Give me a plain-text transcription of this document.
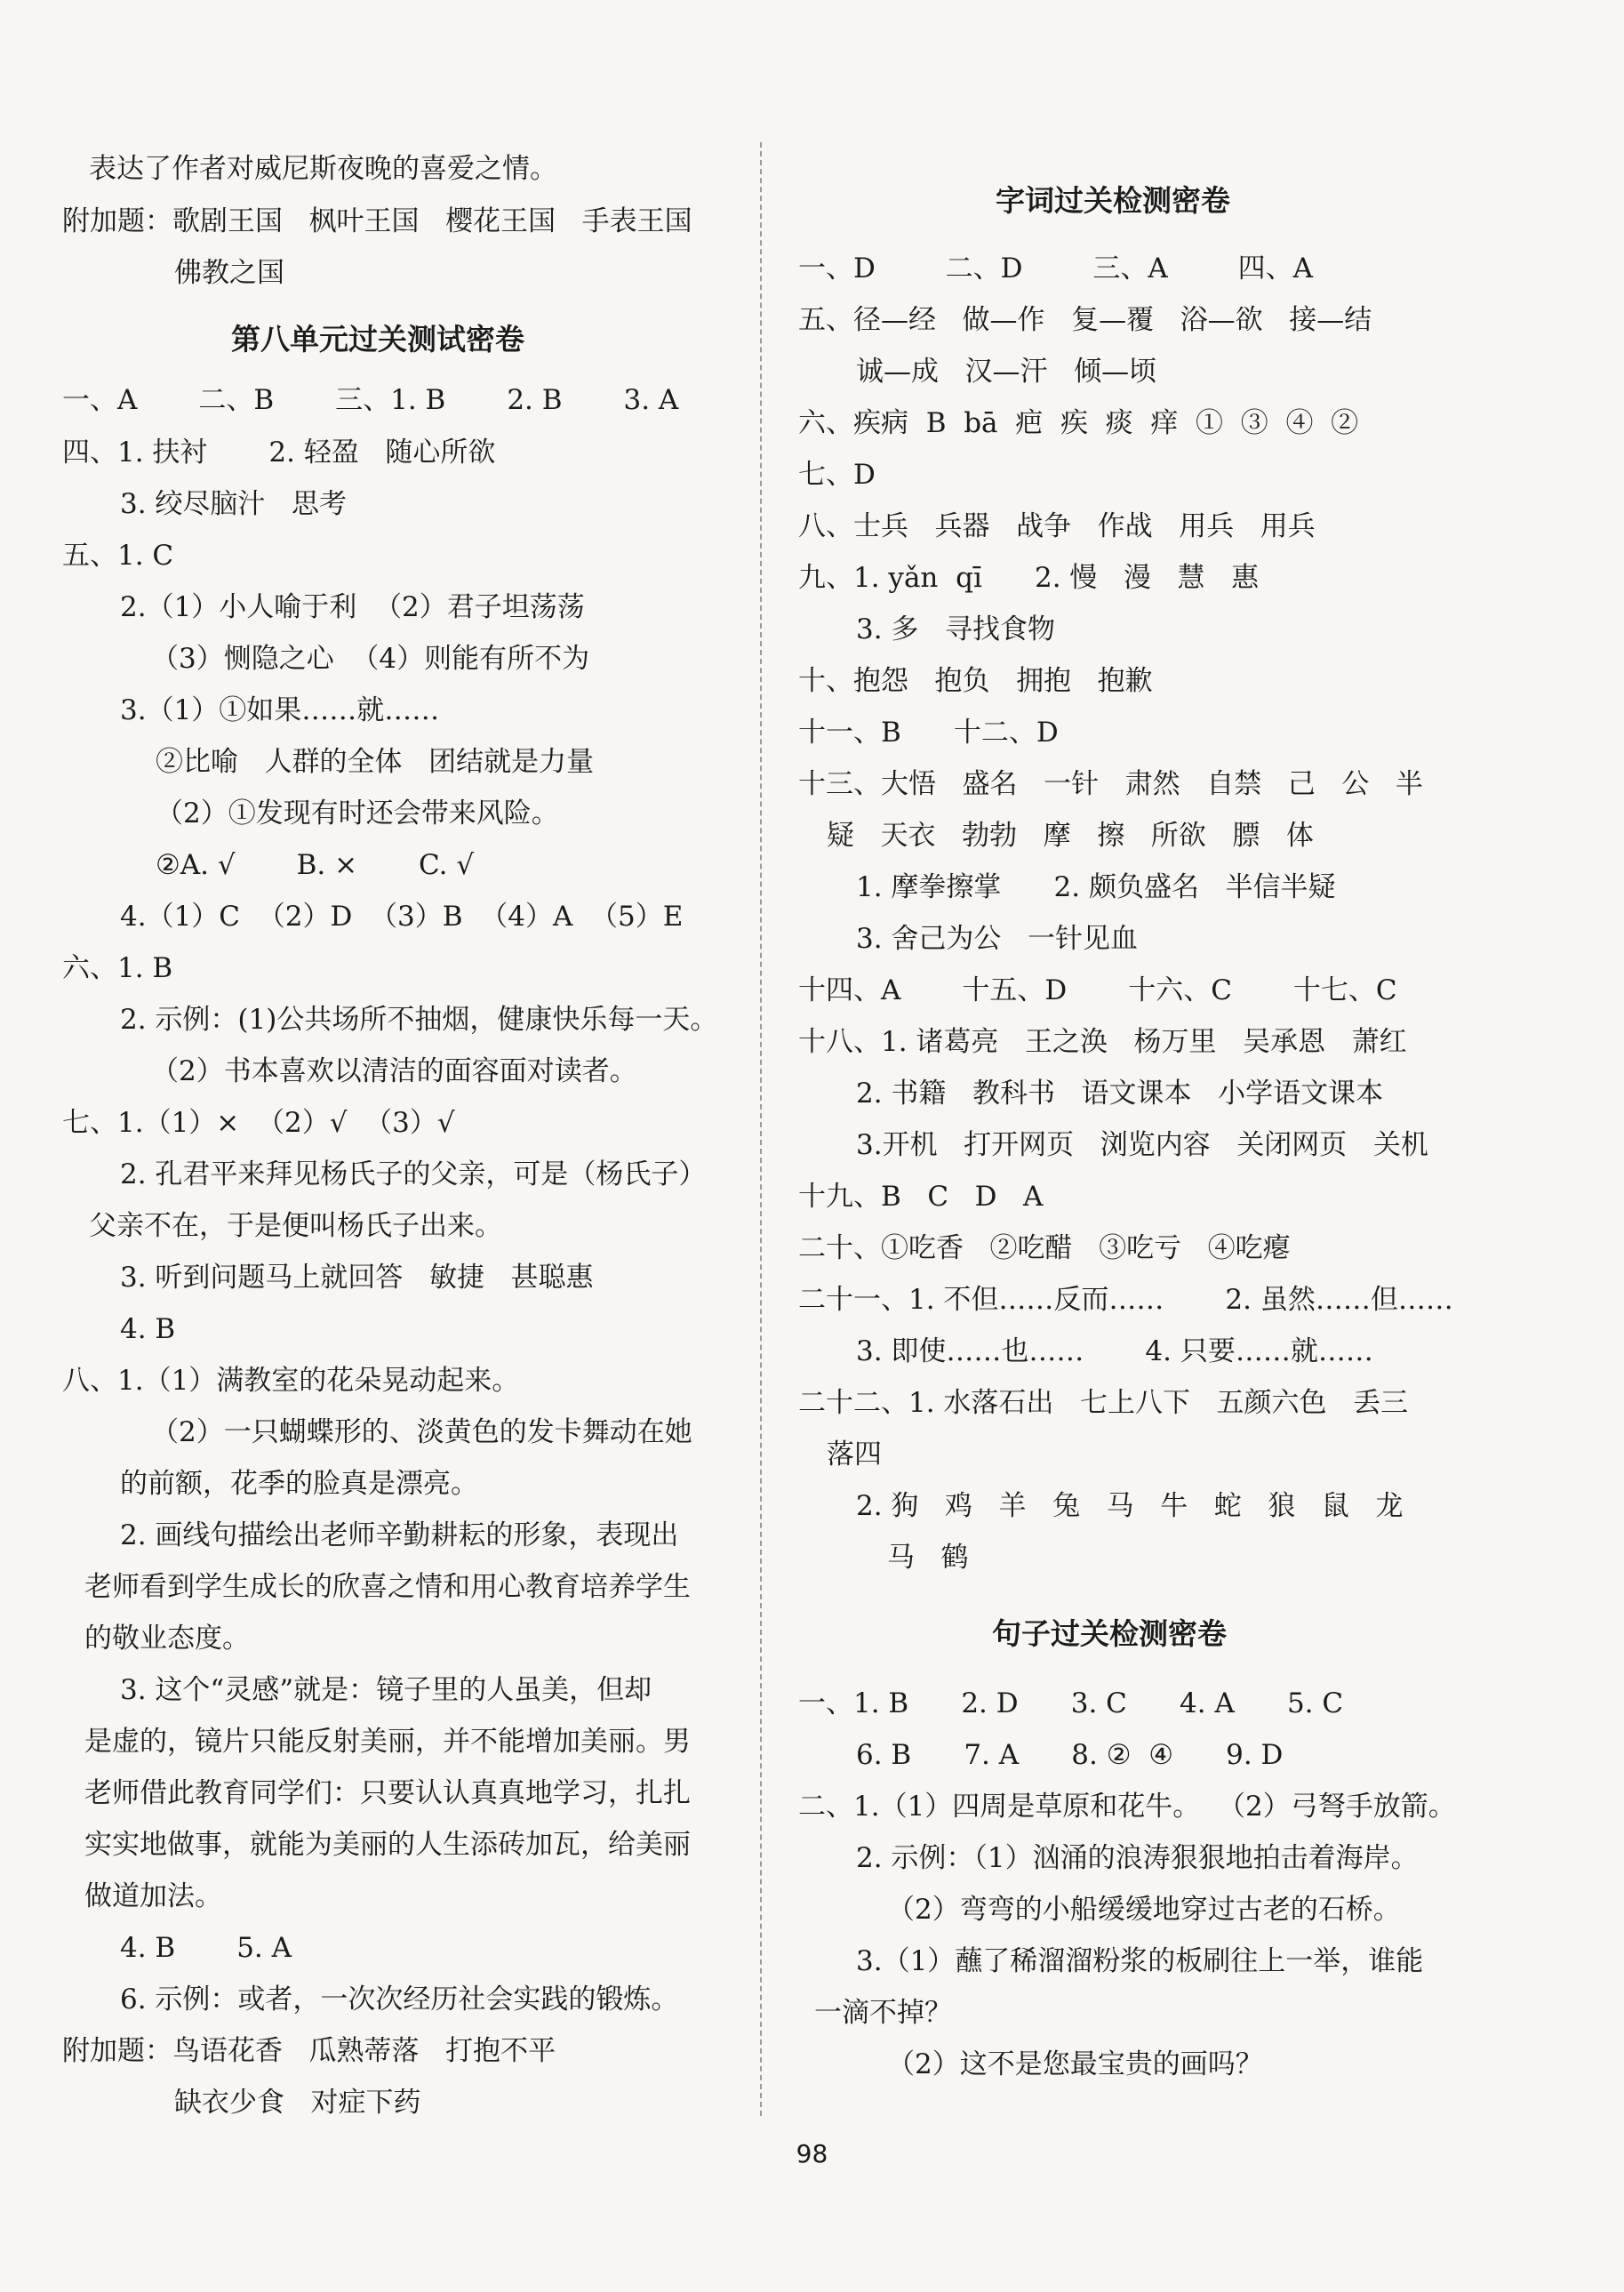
表达了作者对威尼斯夜晚的喜爱之情。
附加题：歌剧王国   枫叶王国   樱花王国   手表王国
佛教之国
第八单元过关测试密卷
一、A       二、B       三、1. B       2. B       3. A
四、1. 扶衬       2. 轻盈   随心所欲
3. 绞尽脑汁   思考
五、1. C
2.（1）小人喻于利  （2）君子坦荡荡
（3）恻隐之心  （4）则能有所不为
3.（1）①如果……就……
②比喻   人群的全体   团结就是力量
（2）①发现有时还会带来风险。
②A. √       B. ×       C. √
4.（1）C  （2）D  （3）B  （4）A  （5）E
六、1. B
2. 示例：(1)公共场所不抽烟，健康快乐每一天。
（2）书本喜欢以清洁的面容面对读者。
七、1.（1）×  （2）√  （3）√
2. 孔君平来拜见杨氏子的父亲，可是（杨氏子）
父亲不在，于是便叫杨氏子出来。
3. 听到问题马上就回答   敏捷   甚聪惠
4. B
八、1.（1）满教室的花朵晃动起来。
（2）一只蝴蝶形的、淡黄色的发卡舞动在她
的前额，花季的脸真是漂亮。
2. 画线句描绘出老师辛勤耕耘的形象，表现出
老师看到学生成长的欣喜之情和用心教育培养学生
的敬业态度。
3. 这个“灵感”就是：镜子里的人虽美，但却
是虚的，镜片只能反射美丽，并不能增加美丽。男
老师借此教育同学们：只要认认真真地学习，扎扎
实实地做事，就能为美丽的人生添砖加瓦，给美丽
做道加法。
4. B       5. A
6. 示例：或者，一次次经历社会实践的锻炼。
附加题：鸟语花香   瓜熟蒂落   打抱不平
缺衣少食   对症下药
字词过关检测密卷
一、D        二、D        三、A        四、A
五、径—经   做—作   复—覆   浴—欲   接—结
诚—成   汉—汗   倾—顷
六、疾病  B  bā  疤  疾  痰  痒  ①  ③  ④  ②
七、D
八、士兵   兵器   战争   作战   用兵   用兵
九、1. yǎn  qī      2. 慢   漫   慧   惠
3. 多   寻找食物
十、抱怨   抱负   拥抱   抱歉
十一、B      十二、D
十三、大悟   盛名   一针   肃然   自禁   己   公   半
疑   天衣   勃勃   摩   擦   所欲   膘   体
1. 摩拳擦掌      2. 颇负盛名   半信半疑
3. 舍己为公   一针见血
十四、A       十五、D       十六、C       十七、C
十八、1. 诸葛亮   王之涣   杨万里   吴承恩   萧红
2. 书籍   教科书   语文课本   小学语文课本
3.开机   打开网页   浏览内容   关闭网页   关机
十九、B   C   D   A
二十、①吃香   ②吃醋   ③吃亏   ④吃瘪
二十一、1. 不但……反而……       2. 虽然……但……
3. 即使……也……       4. 只要……就……
二十二、1. 水落石出   七上八下   五颜六色   丢三
落四
2. 狗   鸡   羊   兔   马   牛   蛇   狼   鼠   龙
马   鹤
句子过关检测密卷
一、1. B      2. D      3. C      4. A      5. C
6. B      7. A      8. ②  ④      9. D
二、1.（1）四周是草原和花牛。  （2）弓弩手放箭。
2. 示例：（1）汹涌的浪涛狠狠地拍击着海岸。
（2）弯弯的小船缓缓地穿过古老的石桥。
3.（1）蘸了稀溜溜粉浆的板刷往上一举，谁能
一滴不掉？
（2）这不是您最宝贵的画吗？
98
